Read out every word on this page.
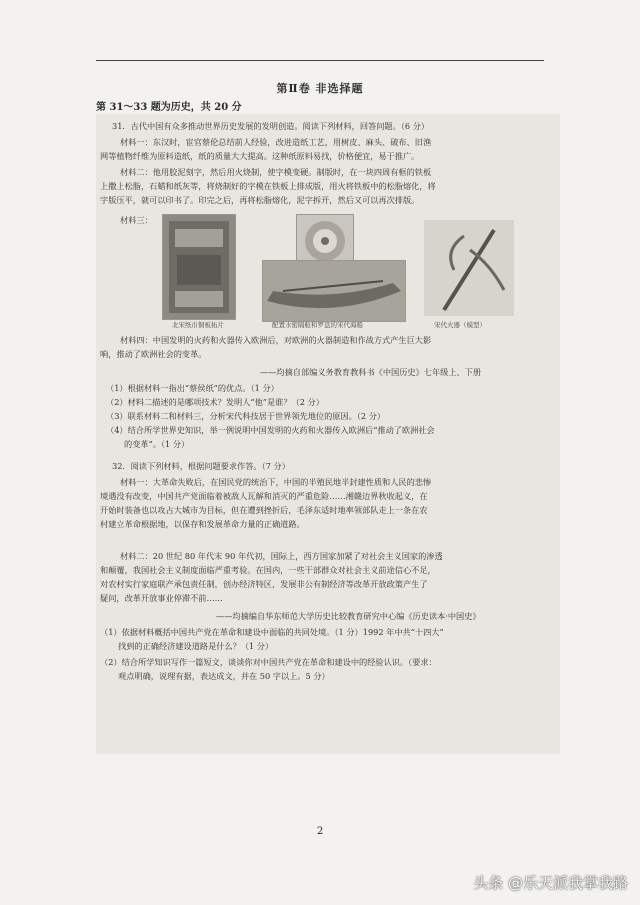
第Ⅱ卷 非选择题
第 31～33 题为历史，共 20 分
31．古代中国有众多推动世界历史发展的发明创造。阅读下列材料，回答问题。（6 分）
材料一：东汉时，宦官蔡伦总结前人经验，改进造纸工艺，用树皮、麻头、破布、旧渔
网等植物纤维为原料造纸，纸的质量大大提高。这种纸原料易找，价格便宜，易于推广。
材料二：他用胶泥刻字，然后用火烧制，使字模变硬。制版时，在一块四周有框的铁板
上撒上松脂，石蜡和纸灰等，将烧制好的字模在铁板上排成版，用火将铁板中的松脂熔化，将
字版压平，就可以印书了。印完之后，再将松脂熔化，泥字拆开，然后又可以再次排版。
材料三：
北宋纸币铜板拓片	配置水密隔舱和罗盘的宋代海船	宋代火器（模型）
材料四：中国发明的火药和火器传入欧洲后，对欧洲的火器制造和作战方式产生巨大影
响，推动了欧洲社会的变革。
——均摘自部编义务教育教科书《中国历史》七年级上、下册
（1）根据材料一指出“蔡侯纸”的优点。（1 分）
（2）材料二描述的是哪项技术？发明人“他”是谁？（2 分）
（3）联系材料二和材料三，分析宋代科技居于世界领先地位的原因。（2 分）
（4）结合所学世界史知识，举一例说明中国发明的火药和火器传入欧洲后“推动了欧洲社会
的变革”。（1 分）
32．阅读下列材料，根据问题要求作答。（7 分）
材料一：大革命失败后，在国民党的统治下，中国的半殖民地半封建性质和人民的悲惨
境遇没有改变，中国共产党面临着被敌人瓦解和消灭的严重危险……湘赣边界秋收起义，在
开始时装备也以攻占大城市为目标，但在遭到挫折后，毛泽东适时地率领部队走上一条在农
村建立革命根据地，以保存和发展革命力量的正确道路。
材料二：20 世纪 80 年代末 90 年代初，国际上，西方国家加紧了对社会主义国家的渗透
和颠覆，我国社会主义制度面临严重考验。在国内，一些干部群众对社会主义前途信心不足，
对农村实行家庭联产承包责任制，创办经济特区，发展非公有制经济等改革开放政策产生了
疑问，改革开放事业停滞不前……
——均摘编自华东师范大学历史比较教育研究中心编《历史读本·中国史》
（1）依据材料概括中国共产党在革命和建设中面临的共同处境。（1 分）1992 年中共“十四大”
找到的正确经济建设道路是什么？（1 分）
（2）结合所学知识写作一篇短文，谈谈你对中国共产党在革命和建设中的经验认识。（要求：
观点明确，说理有据，表达成文，并在 50 字以上。5 分）
2
头条 @乐天派我掌我路
